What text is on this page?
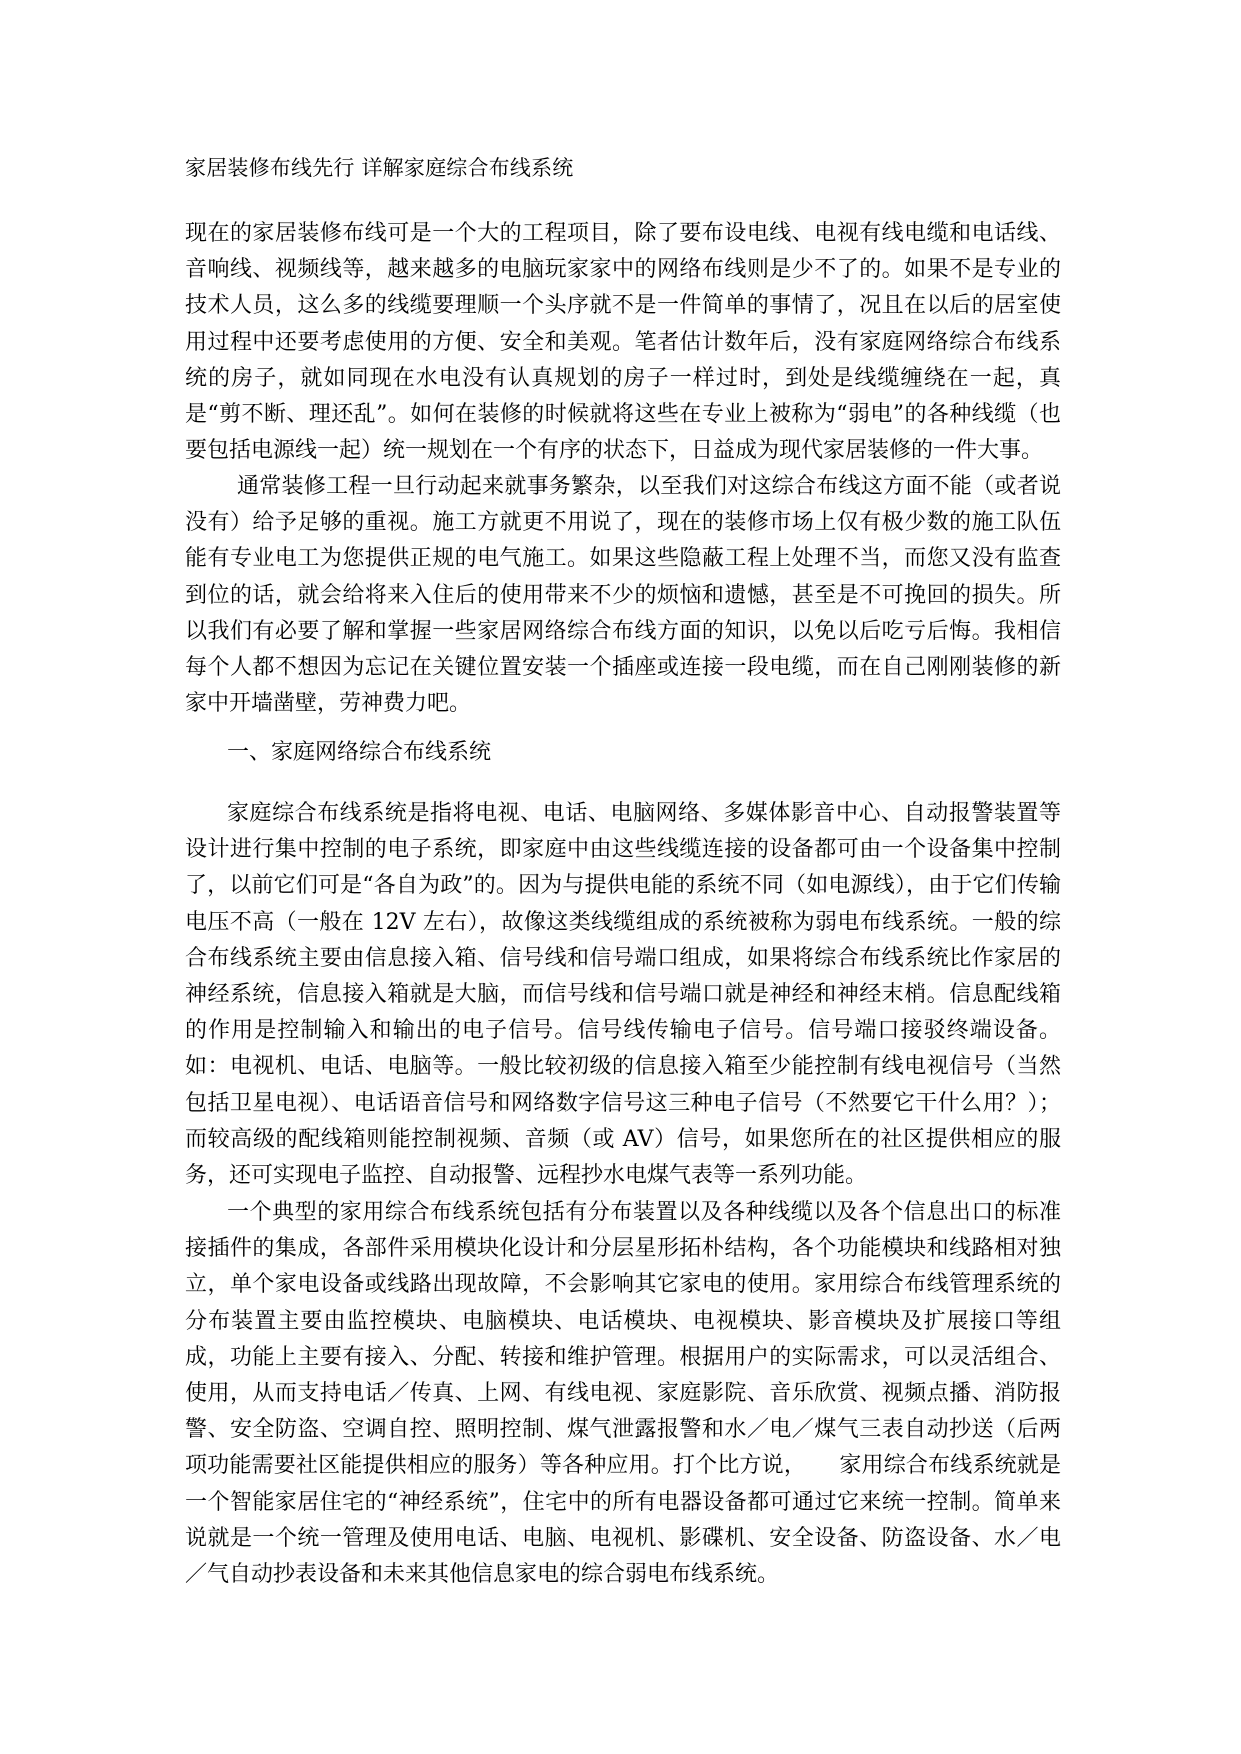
家居装修布线先行 详解家庭综合布线系统

现在的家居装修布线可是一个大的工程项目，除了要布设电线、电视有线电缆和电话线、音响线、视频线等，越来越多的电脑玩家家中的网络布线则是少不了的。如果不是专业的技术人员，这么多的线缆要理顺一个头序就不是一件简单的事情了，况且在以后的居室使用过程中还要考虑使用的方便、安全和美观。笔者估计数年后，没有家庭网络综合布线系统的房子，就如同现在水电没有认真规划的房子一样过时，到处是线缆缠绕在一起，真是“剪不断、理还乱”。如何在装修的时候就将这些在专业上被称为“弱电”的各种线缆（也要包括电源线一起）统一规划在一个有序的状态下，日益成为现代家居装修的一件大事。

通常装修工程一旦行动起来就事务繁杂，以至我们对这综合布线这方面不能（或者说没有）给予足够的重视。施工方就更不用说了，现在的装修市场上仅有极少数的施工队伍能有专业电工为您提供正规的电气施工。如果这些隐蔽工程上处理不当，而您又没有监查到位的话，就会给将来入住后的使用带来不少的烦恼和遗憾，甚至是不可挽回的损失。所以我们有必要了解和掌握一些家居网络综合布线方面的知识，以免以后吃亏后悔。我相信每个人都不想因为忘记在关键位置安装一个插座或连接一段电缆，而在自己刚刚装修的新家中开墙凿壁，劳神费力吧。

一、家庭网络综合布线系统

家庭综合布线系统是指将电视、电话、电脑网络、多媒体影音中心、自动报警装置等设计进行集中控制的电子系统，即家庭中由这些线缆连接的设备都可由一个设备集中控制了，以前它们可是“各自为政”的。因为与提供电能的系统不同（如电源线），由于它们传输电压不高（一般在 12V 左右），故像这类线缆组成的系统被称为弱电布线系统。一般的综合布线系统主要由信息接入箱、信号线和信号端口组成，如果将综合布线系统比作家居的神经系统，信息接入箱就是大脑，而信号线和信号端口就是神经和神经末梢。信息配线箱的作用是控制输入和输出的电子信号。信号线传输电子信号。信号端口接驳终端设备。如：电视机、电话、电脑等。一般比较初级的信息接入箱至少能控制有线电视信号（当然包括卫星电视）、电话语音信号和网络数字信号这三种电子信号（不然要它干什么用？）；而较高级的配线箱则能控制视频、音频（或 AV）信号，如果您所在的社区提供相应的服务，还可实现电子监控、自动报警、远程抄水电煤气表等一系列功能。

一个典型的家用综合布线系统包括有分布装置以及各种线缆以及各个信息出口的标准接插件的集成，各部件采用模块化设计和分层星形拓朴结构，各个功能模块和线路相对独立，单个家电设备或线路出现故障，不会影响其它家电的使用。家用综合布线管理系统的分布装置主要由监控模块、电脑模块、电话模块、电视模块、影音模块及扩展接口等组成，功能上主要有接入、分配、转接和维护管理。根据用户的实际需求，可以灵活组合、使用，从而支持电话／传真、上网、有线电视、家庭影院、音乐欣赏、视频点播、消防报警、安全防盗、空调自控、照明控制、煤气泄露报警和水／电／煤气三表自动抄送（后两项功能需要社区能提供相应的服务）等各种应用。打个比方说，　　家用综合布线系统就是一个智能家居住宅的“神经系统”，住宅中的所有电器设备都可通过它来统一控制。简单来说就是一个统一管理及使用电话、电脑、电视机、影碟机、安全设备、防盗设备、水／电／气自动抄表设备和未来其他信息家电的综合弱电布线系统。
